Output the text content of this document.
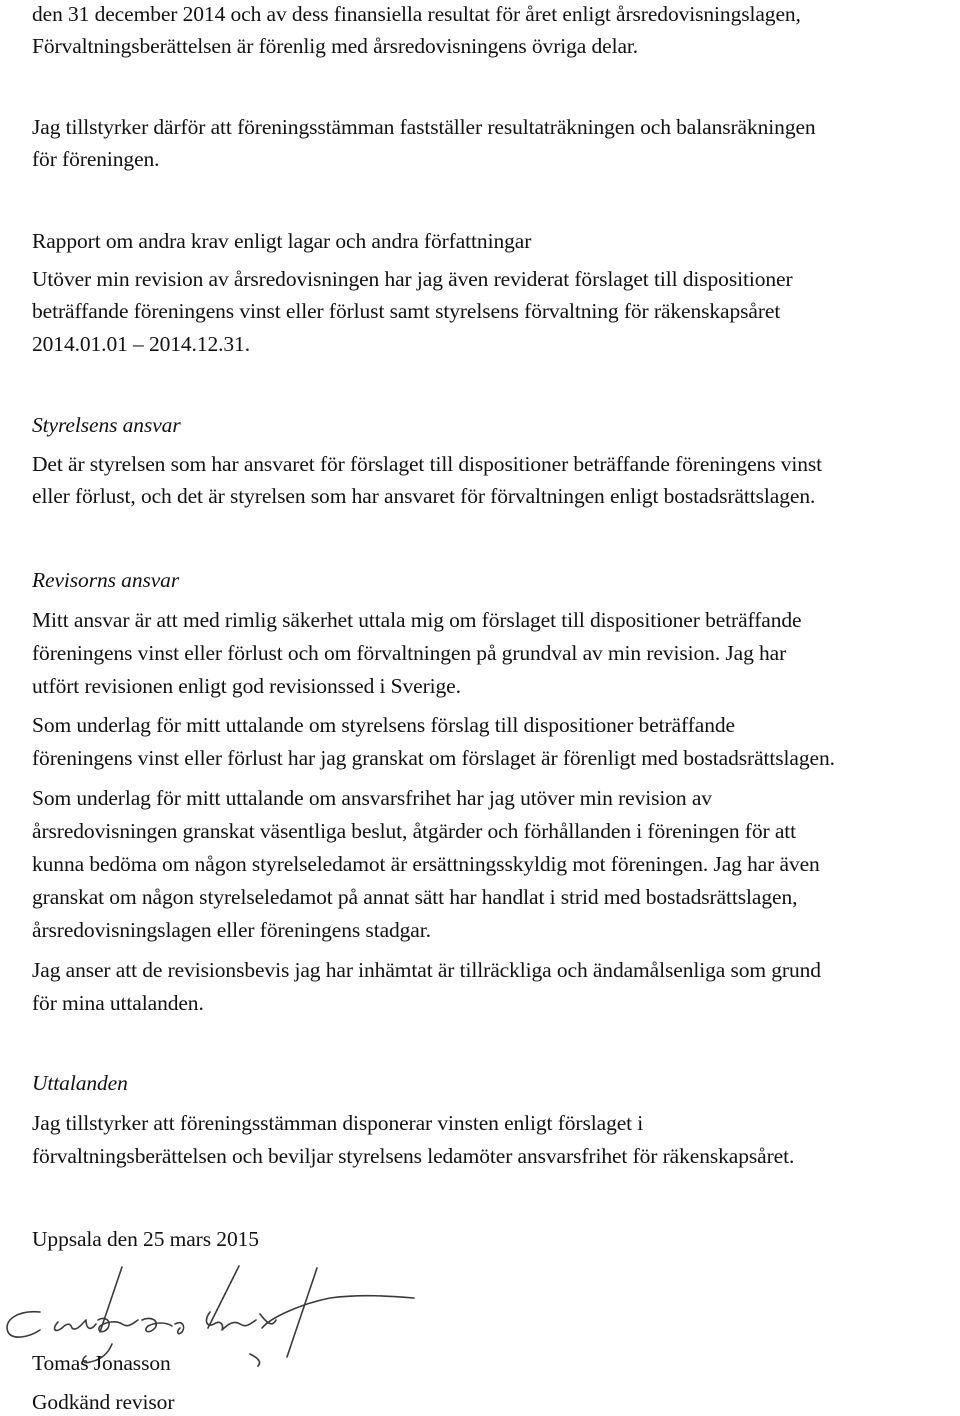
den 31 december 2014 och av dess finansiella resultat för året enligt årsredovisningslagen,
Förvaltningsberättelsen är förenlig med årsredovisningens övriga delar.
Jag tillstyrker därför att föreningsstämman fastställer resultaträkningen och balansräkningen
för föreningen.
Rapport om andra krav enligt lagar och andra författningar
Utöver min revision av årsredovisningen har jag även reviderat förslaget till dispositioner
beträffande föreningens vinst eller förlust samt styrelsens förvaltning för räkenskapsåret
2014.01.01 – 2014.12.31.
Styrelsens ansvar
Det är styrelsen som har ansvaret för förslaget till dispositioner beträffande föreningens vinst
eller förlust, och det är styrelsen som har ansvaret för förvaltningen enligt bostadsrättslagen.
Revisorns ansvar
Mitt ansvar är att med rimlig säkerhet uttala mig om förslaget till dispositioner beträffande
föreningens vinst eller förlust och om förvaltningen på grundval av min revision. Jag har
utfört revisionen enligt god revisionssed i Sverige.
Som underlag för mitt uttalande om styrelsens förslag till dispositioner beträffande
föreningens vinst eller förlust har jag granskat om förslaget är förenligt med bostadsrättslagen.
Som underlag för mitt uttalande om ansvarsfrihet har jag utöver min revision av
årsredovisningen granskat väsentliga beslut, åtgärder och förhållanden i föreningen för att
kunna bedöma om någon styrelseledamot är ersättningsskyldig mot föreningen. Jag har även
granskat om någon styrelseledamot på annat sätt har handlat i strid med bostadsrättslagen,
årsredovisningslagen eller föreningens stadgar.
Jag anser att de revisionsbevis jag har inhämtat är tillräckliga och ändamålsenliga som grund
för mina uttalanden.
Uttalanden
Jag tillstyrker att föreningsstämman disponerar vinsten enligt förslaget i
förvaltningsberättelsen och beviljar styrelsens ledamöter ansvarsfrihet för räkenskapsåret.
Uppsala den 25 mars 2015
Tomas Jonasson
Godkänd revisor
